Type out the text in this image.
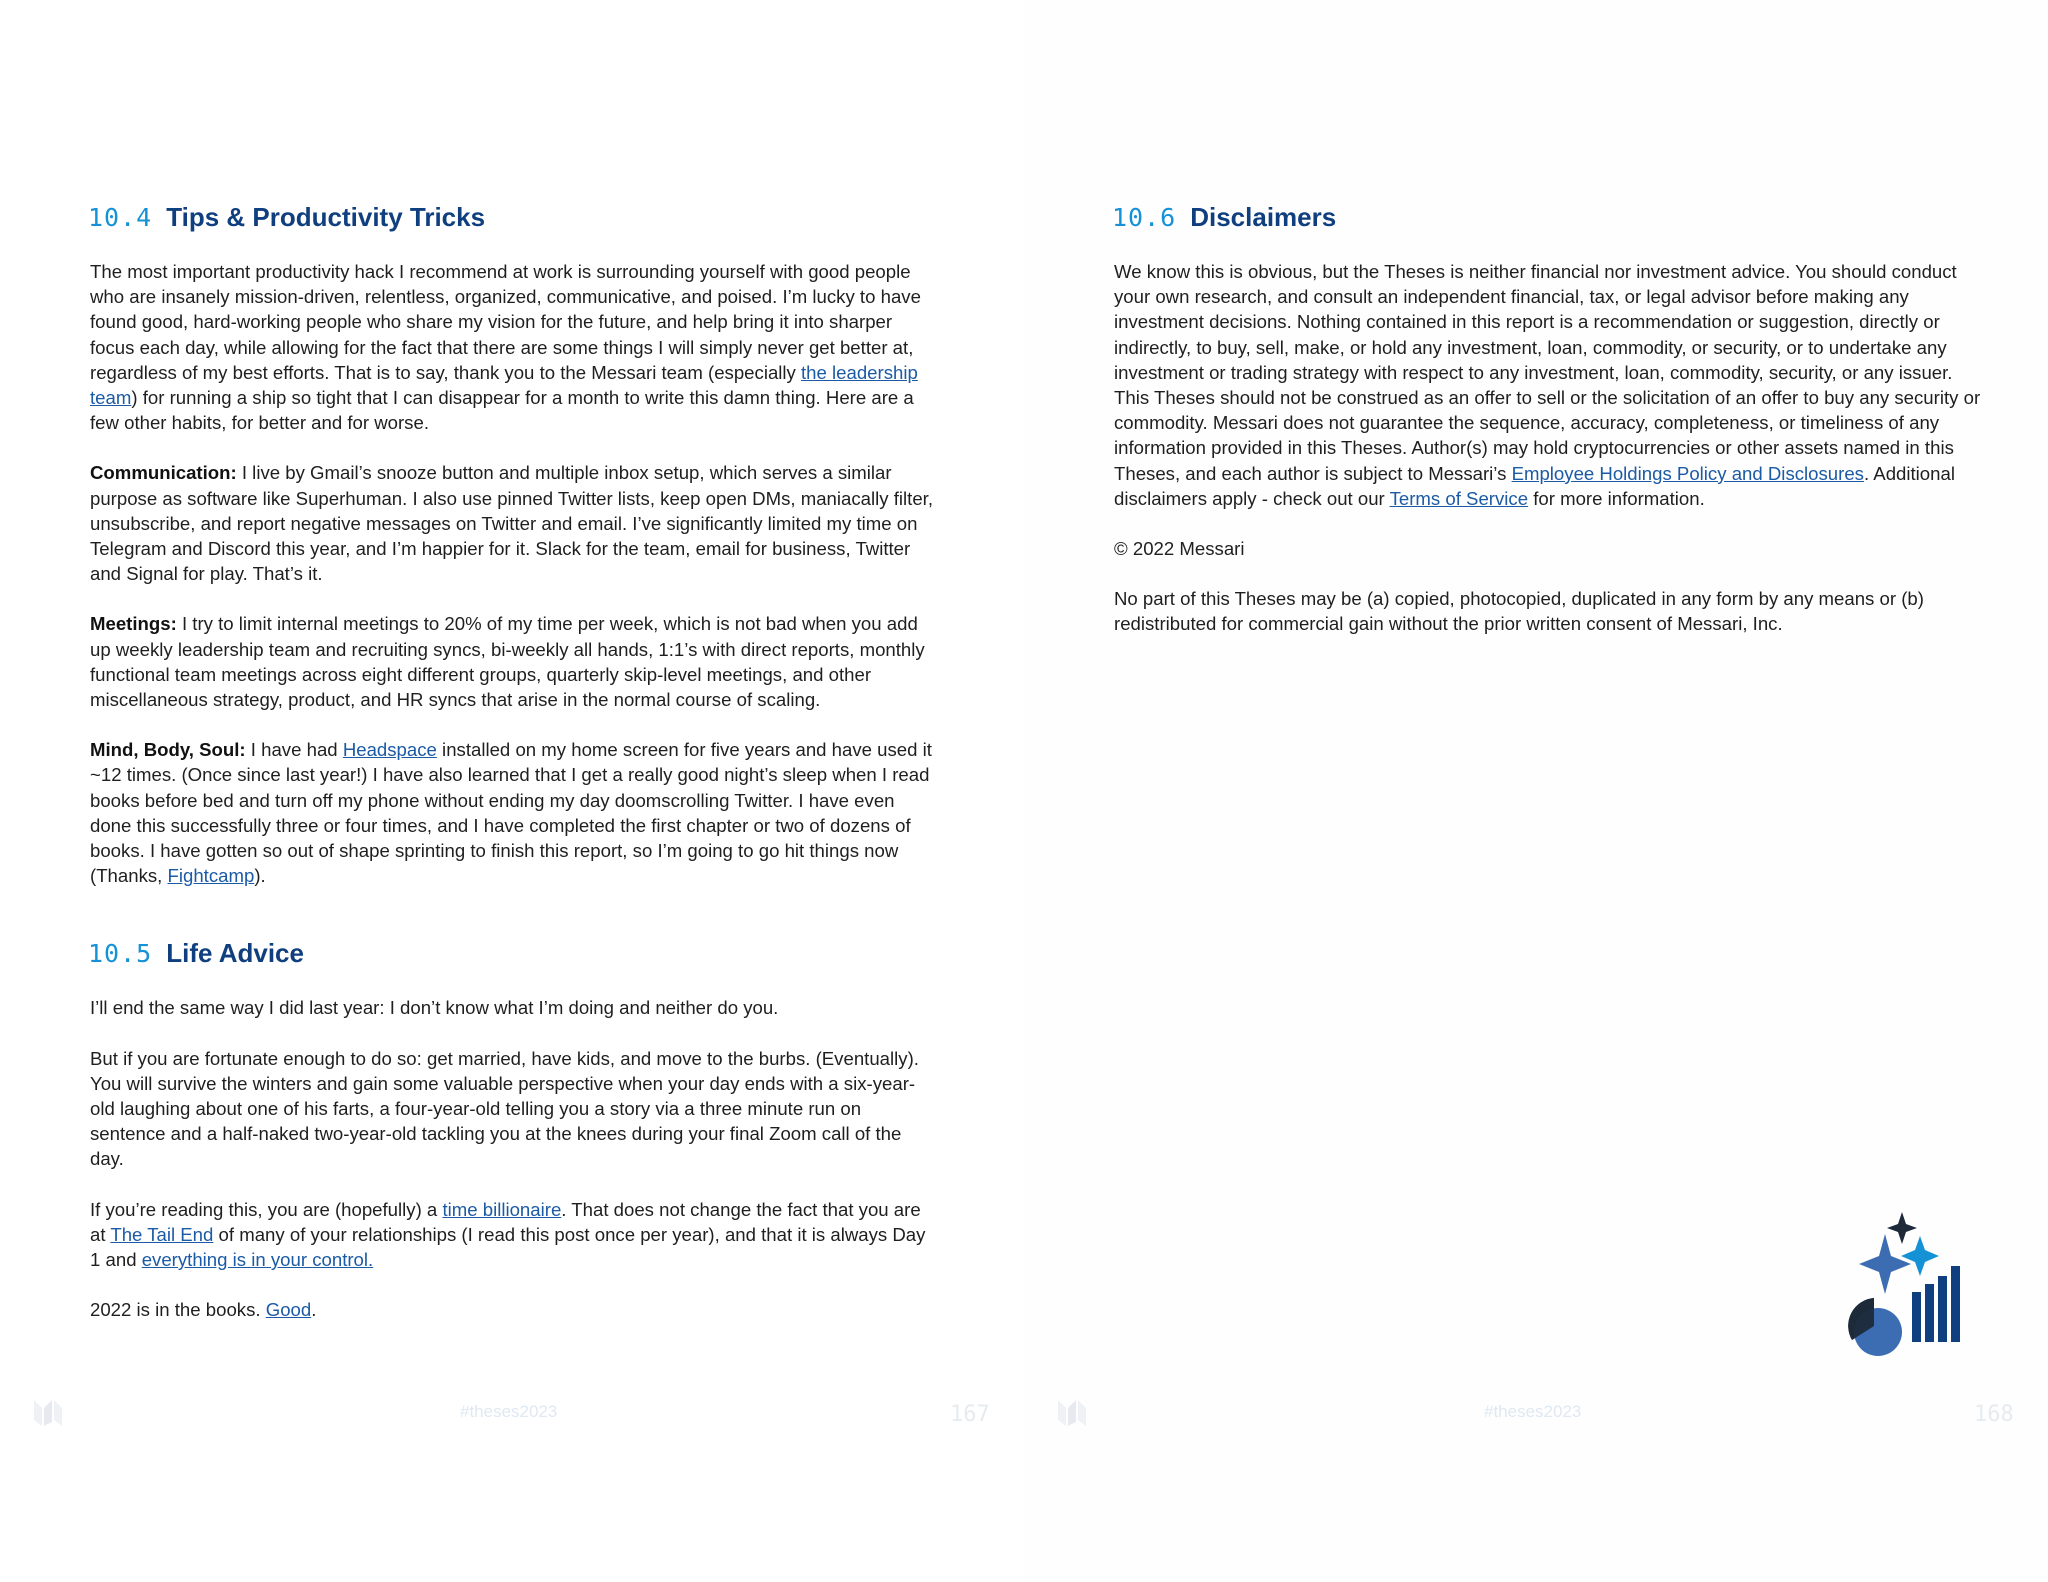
10.4 Tips & Productivity Tricks

The most important productivity hack I recommend at work is surrounding yourself with good people who are insanely mission-driven, relentless, organized, communicative, and poised. I’m lucky to have found good, hard-working people who share my vision for the future, and help bring it into sharper focus each day, while allowing for the fact that there are some things I will simply never get better at, regardless of my best efforts. That is to say, thank you to the Messari team (especially the leadership team) for running a ship so tight that I can disappear for a month to write this damn thing. Here are a few other habits, for better and for worse.

Communication: I live by Gmail’s snooze button and multiple inbox setup, which serves a similar purpose as software like Superhuman. I also use pinned Twitter lists, keep open DMs, maniacally filter, unsubscribe, and report negative messages on Twitter and email. I’ve significantly limited my time on Telegram and Discord this year, and I’m happier for it. Slack for the team, email for business, Twitter and Signal for play. That’s it.

Meetings: I try to limit internal meetings to 20% of my time per week, which is not bad when you add up weekly leadership team and recruiting syncs, bi-weekly all hands, 1:1’s with direct reports, monthly functional team meetings across eight different groups, quarterly skip-level meetings, and other miscellaneous strategy, product, and HR syncs that arise in the normal course of scaling.

Mind, Body, Soul: I have had Headspace installed on my home screen for five years and have used it ~12 times. (Once since last year!) I have also learned that I get a really good night’s sleep when I read books before bed and turn off my phone without ending my day doomscrolling Twitter. I have even done this successfully three or four times, and I have completed the first chapter or two of dozens of books. I have gotten so out of shape sprinting to finish this report, so I’m going to go hit things now (Thanks, Fightcamp).

10.5 Life Advice

I’ll end the same way I did last year: I don’t know what I’m doing and neither do you.

But if you are fortunate enough to do so: get married, have kids, and move to the burbs. (Eventually). You will survive the winters and gain some valuable perspective when your day ends with a six-year-old laughing about one of his farts, a four-year-old telling you a story via a three minute run on sentence and a half-naked two-year-old tackling you at the knees during your final Zoom call of the day.

If you’re reading this, you are (hopefully) a time billionaire. That does not change the fact that you are at The Tail End of many of your relationships (I read this post once per year), and that it is always Day 1 and everything is in your control.

2022 is in the books. Good.

#theses2023	167
10.6 Disclaimers

We know this is obvious, but the Theses is neither financial nor investment advice. You should conduct your own research, and consult an independent financial, tax, or legal advisor before making any investment decisions. Nothing contained in this report is a recommendation or suggestion, directly or indirectly, to buy, sell, make, or hold any investment, loan, commodity, or security, or to undertake any investment or trading strategy with respect to any investment, loan, commodity, security, or any issuer. This Theses should not be construed as an offer to sell or the solicitation of an offer to buy any security or commodity. Messari does not guarantee the sequence, accuracy, completeness, or timeliness of any information provided in this Theses. Author(s) may hold cryptocurrencies or other assets named in this Theses, and each author is subject to Messari’s Employee Holdings Policy and Disclosures. Additional disclaimers apply - check out our Terms of Service for more information.

© 2022 Messari

No part of this Theses may be (a) copied, photocopied, duplicated in any form by any means or (b) redistributed for commercial gain without the prior written consent of Messari, Inc.

#theses2023	168
